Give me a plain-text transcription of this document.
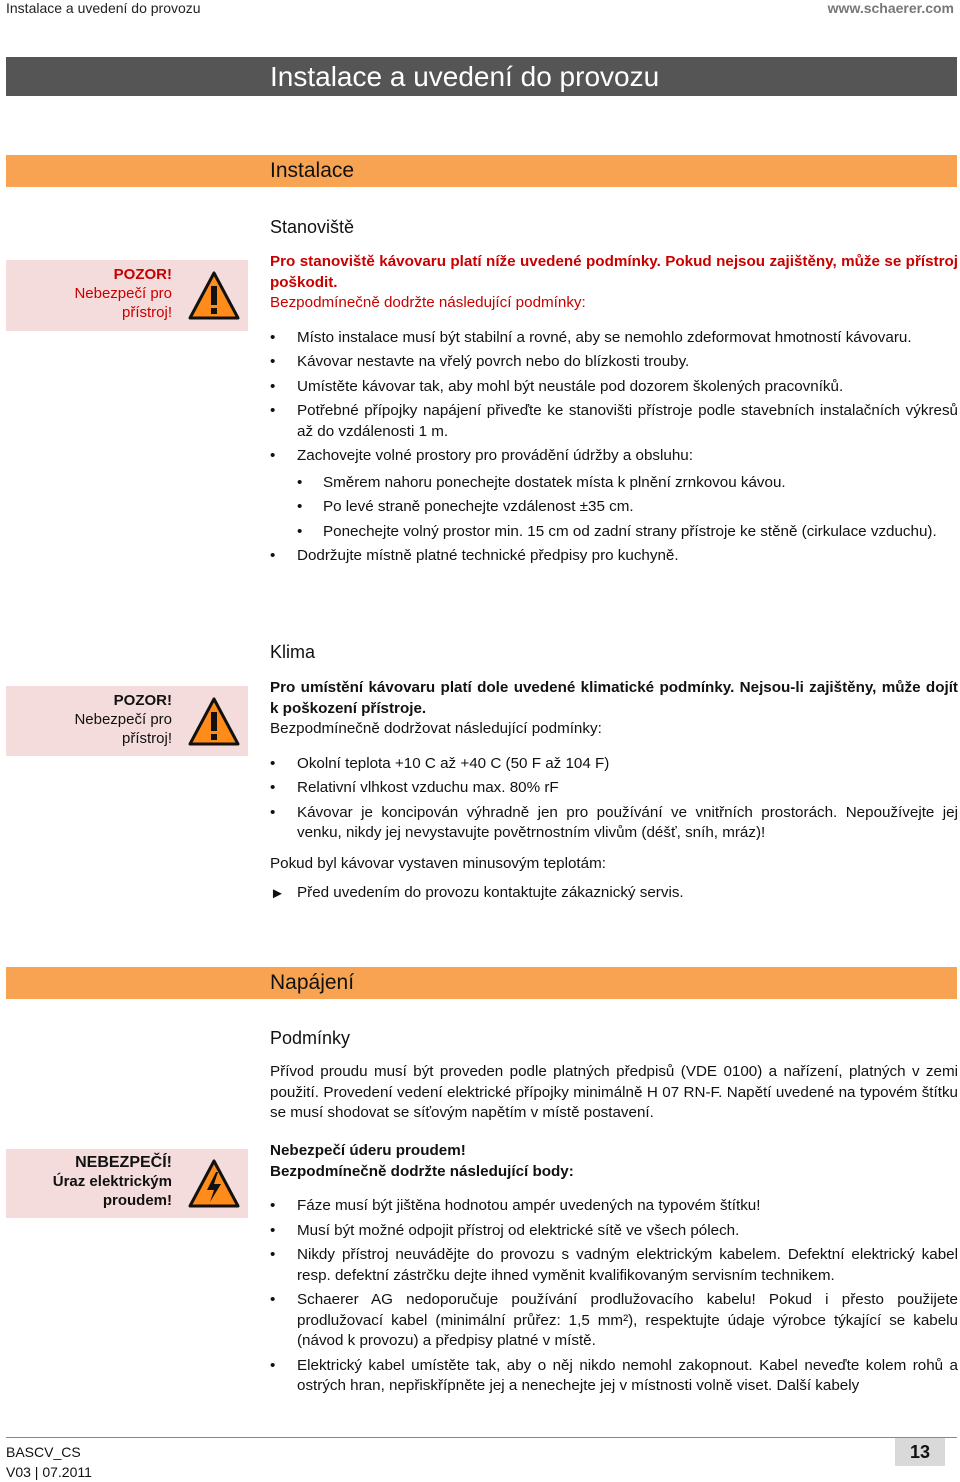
Instalace a uvedení do provozu	www.schaerer.com
Instalace a uvedení do provozu
Instalace
Stanoviště
POZOR!
Nebezpečí pro
přístroj!

Pro stanoviště kávovaru platí níže uvedené podmínky. Pokud nejsou zajištěny, může se přístroj poškodit.

Bezpodmínečně dodržte následující podmínky:

• Místo instalace musí být stabilní a rovné, aby se nemohlo zdeformovat hmotností kávovaru.
• Kávovar nestavte na vřelý povrch nebo do blízkosti trouby.
• Umístěte kávovar tak, aby mohl být neustále pod dozorem školených pracovníků.
• Potřebné přípojky napájení přiveďte ke stanovišti přístroje podle stavebních instalačních výkresů až do vzdálenosti 1 m.
• Zachovejte volné prostory pro provádění údržby a obsluhu:
• Směrem nahoru ponechejte dostatek místa k plnění zrnkovou kávou.
• Po levé straně ponechejte vzdálenost ±35 cm.
• Ponechejte volný prostor min. 15 cm od zadní strany přístroje ke stěně (cirkulace vzduchu).
• Dodržujte místně platné technické předpisy pro kuchyně.
Klima
POZOR!
Nebezpečí pro
přístroj!

Pro umístění kávovaru platí dole uvedené klimatické podmínky. Nejsou-li zajištěny, může dojít k poškození přístroje.

Bezpodmínečně dodržovat následující podmínky:

• Okolní teplota +10 C až +40 C (50 F až 104 F)
• Relativní vlhkost vzduchu max. 80% rF
• Kávovar je koncipován výhradně jen pro používání ve vnitřních prostorách. Nepoužívejte jej venku, nikdy jej nevystavujte povětrnostním vlivům (déšť, sníh, mráz)!

Pokud byl kávovar vystaven minusovým teplotám:

► Před uvedením do provozu kontaktujte zákaznický servis.
Napájení
Podmínky
Přívod proudu musí být proveden podle platných předpisů (VDE 0100) a nařízení, platných v zemi použití. Provedení vedení elektrické přípojky minimálně H 07 RN-F. Napětí uvedené na typovém štítku se musí shodovat se síťovým napětím v místě postavení.
NEBEZPEČÍ!
Úraz elektrickým
proudem!

Nebezpečí úderu proudem!

Bezpodmínečně dodržte následující body:

• Fáze musí být jištěna hodnotou ampér uvedených na typovém štítku!
• Musí být možné odpojit přístroj od elektrické sítě ve všech pólech.
• Nikdy přístroj neuvádějte do provozu s vadným elektrickým kabelem. Defektní elektrický kabel resp. defektní zástrčku dejte ihned vyměnit kvalifikovaným servisním technikem.
• Schaerer AG nedoporučuje používání prodlužovacího kabelu! Pokud i přesto použijete prodlužovací kabel (minimální průřez: 1,5 mm²), respektujte údaje výrobce týkající se kabelu (návod k provozu) a předpisy platné v místě.
• Elektrický kabel umístěte tak, aby o něj nikdo nemohl zakopnout. Kabel neveďte kolem rohů a ostrých hran, nepřiskřípněte jej a nenechejte jej v místnosti volně viset. Další kabely
BASCV_CS
V03 | 07.2011
13
